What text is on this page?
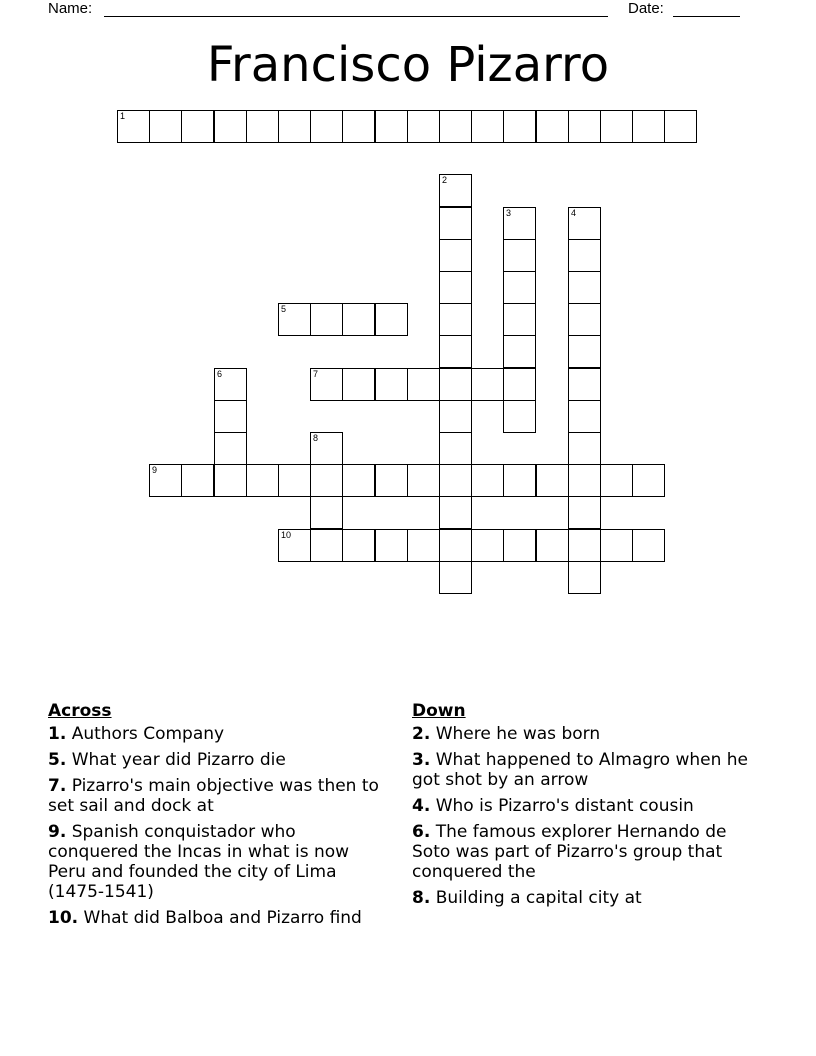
Name:	Date:
Francisco Pizarro
1
2
3	4
5
6	7
8
9
10
Across
1. Authors Company
5. What year did Pizarro die
7. Pizarro's main objective was then to set sail and dock at
9. Spanish conquistador who conquered the Incas in what is now Peru and founded the city of Lima (1475-1541)
10. What did Balboa and Pizarro find
Down
2. Where he was born
3. What happened to Almagro when he got shot by an arrow
4. Who is Pizarro's distant cousin
6. The famous explorer Hernando de Soto was part of Pizarro's group that conquered the
8. Building a capital city at
